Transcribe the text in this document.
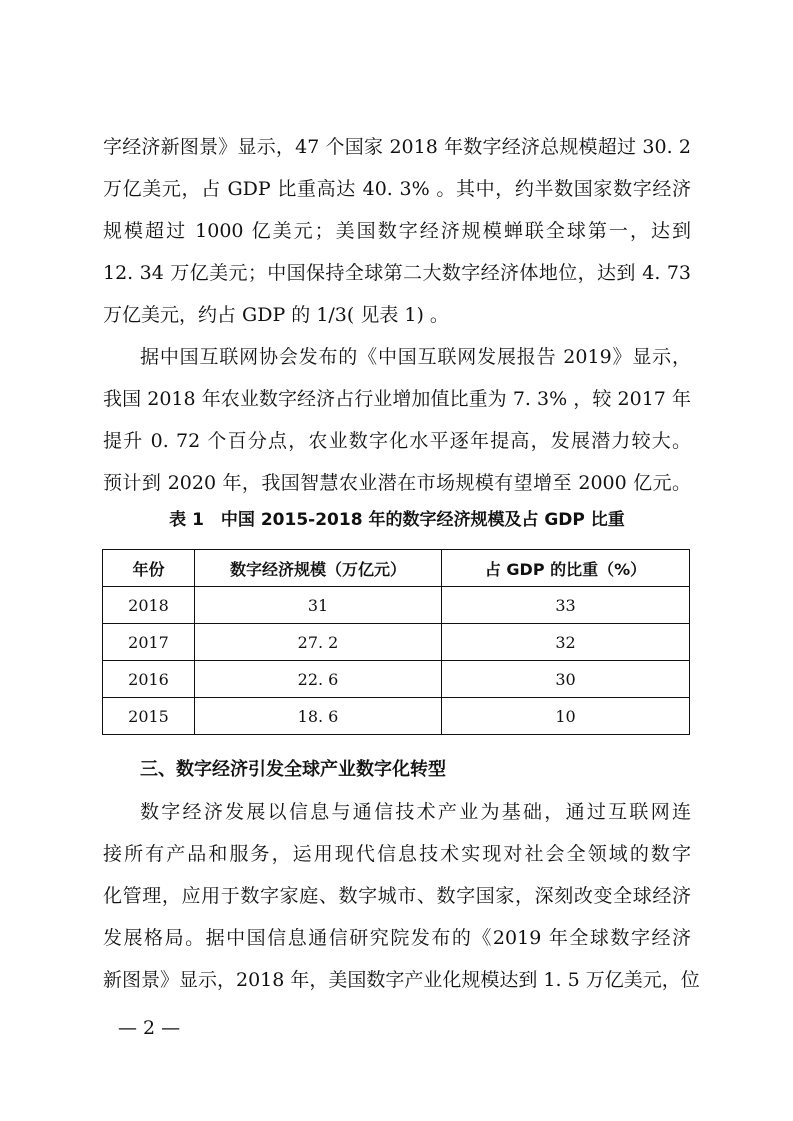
字经济新图景》显示，47 个国家 2018 年数字经济总规模超过 30. 2
万亿美元，占 GDP 比重高达 40. 3% 。其中，约半数国家数字经济
规模超过 1000 亿美元；美国数字经济规模蝉联全球第一，达到
12. 34 万亿美元；中国保持全球第二大数字经济体地位，达到 4. 73
万亿美元，约占 GDP 的 1/3( 见表 1) 。
据中国互联网协会发布的《中国互联网发展报告 2019》显示，
我国 2018 年农业数字经济占行业增加值比重为 7. 3% ，较 2017 年
提升 0. 72 个百分点，农业数字化水平逐年提高，发展潜力较大。
预计到 2020 年，我国智慧农业潜在市场规模有望增至 2000 亿元。
表 1　中国 2015-2018 年的数字经济规模及占 GDP 比重
年份	数字经济规模（万亿元）	占 GDP 的比重（%）
2018	31	33
2017	27. 2	32
2016	22. 6	30
2015	18. 6	10
三、数字经济引发全球产业数字化转型
数字经济发展以信息与通信技术产业为基础，通过互联网连
接所有产品和服务，运用现代信息技术实现对社会全领域的数字
化管理，应用于数字家庭、数字城市、数字国家，深刻改变全球经济
发展格局。据中国信息通信研究院发布的《2019 年全球数字经济
新图景》显示，2018 年，美国数字产业化规模达到 1. 5 万亿美元，位
— 2 —
